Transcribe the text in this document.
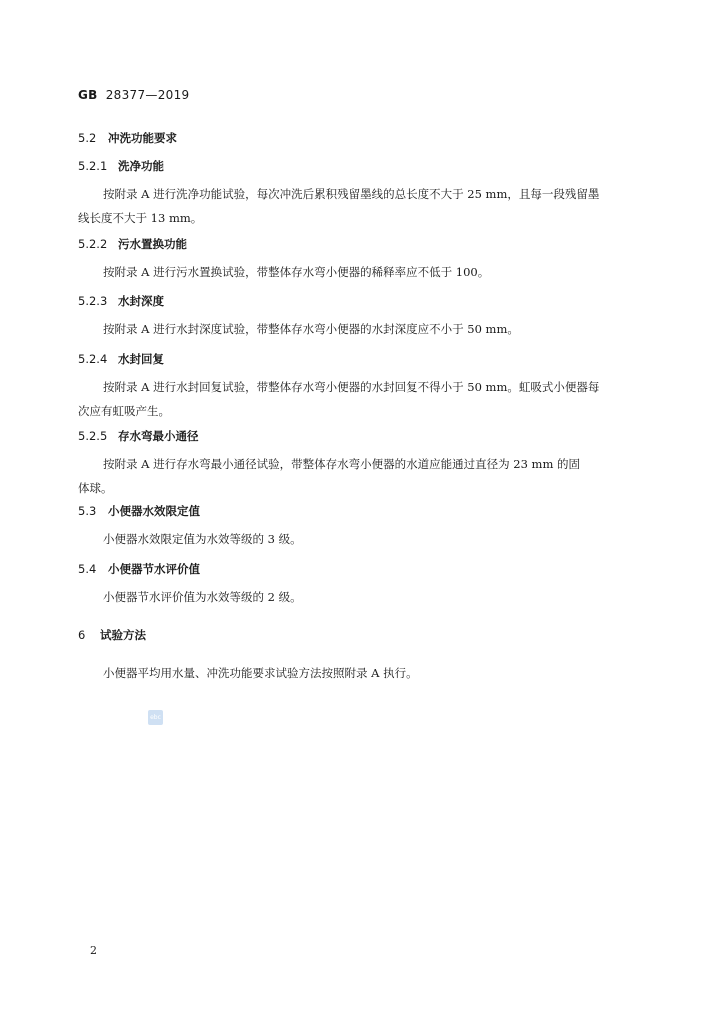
GB 28377—2019
5.2 冲洗功能要求
5.2.1 洗净功能
按附录 A 进行洗净功能试验，每次冲洗后累积残留墨线的总长度不大于 25 mm，且每一段残留墨
线长度不大于 13 mm。
5.2.2 污水置换功能
按附录 A 进行污水置换试验，带整体存水弯小便器的稀释率应不低于 100。
5.2.3 水封深度
按附录 A 进行水封深度试验，带整体存水弯小便器的水封深度应不小于 50 mm。
5.2.4 水封回复
按附录 A 进行水封回复试验，带整体存水弯小便器的水封回复不得小于 50 mm。虹吸式小便器每
次应有虹吸产生。
5.2.5 存水弯最小通径
按附录 A 进行存水弯最小通径试验，带整体存水弯小便器的水道应能通过直径为 23 mm 的固
体球。
5.3 小便器水效限定值
小便器水效限定值为水效等级的 3 级。
5.4 小便器节水评价值
小便器节水评价值为水效等级的 2 级。
6 试验方法
小便器平均用水量、冲洗功能要求试验方法按照附录 A 执行。
ebc
2
